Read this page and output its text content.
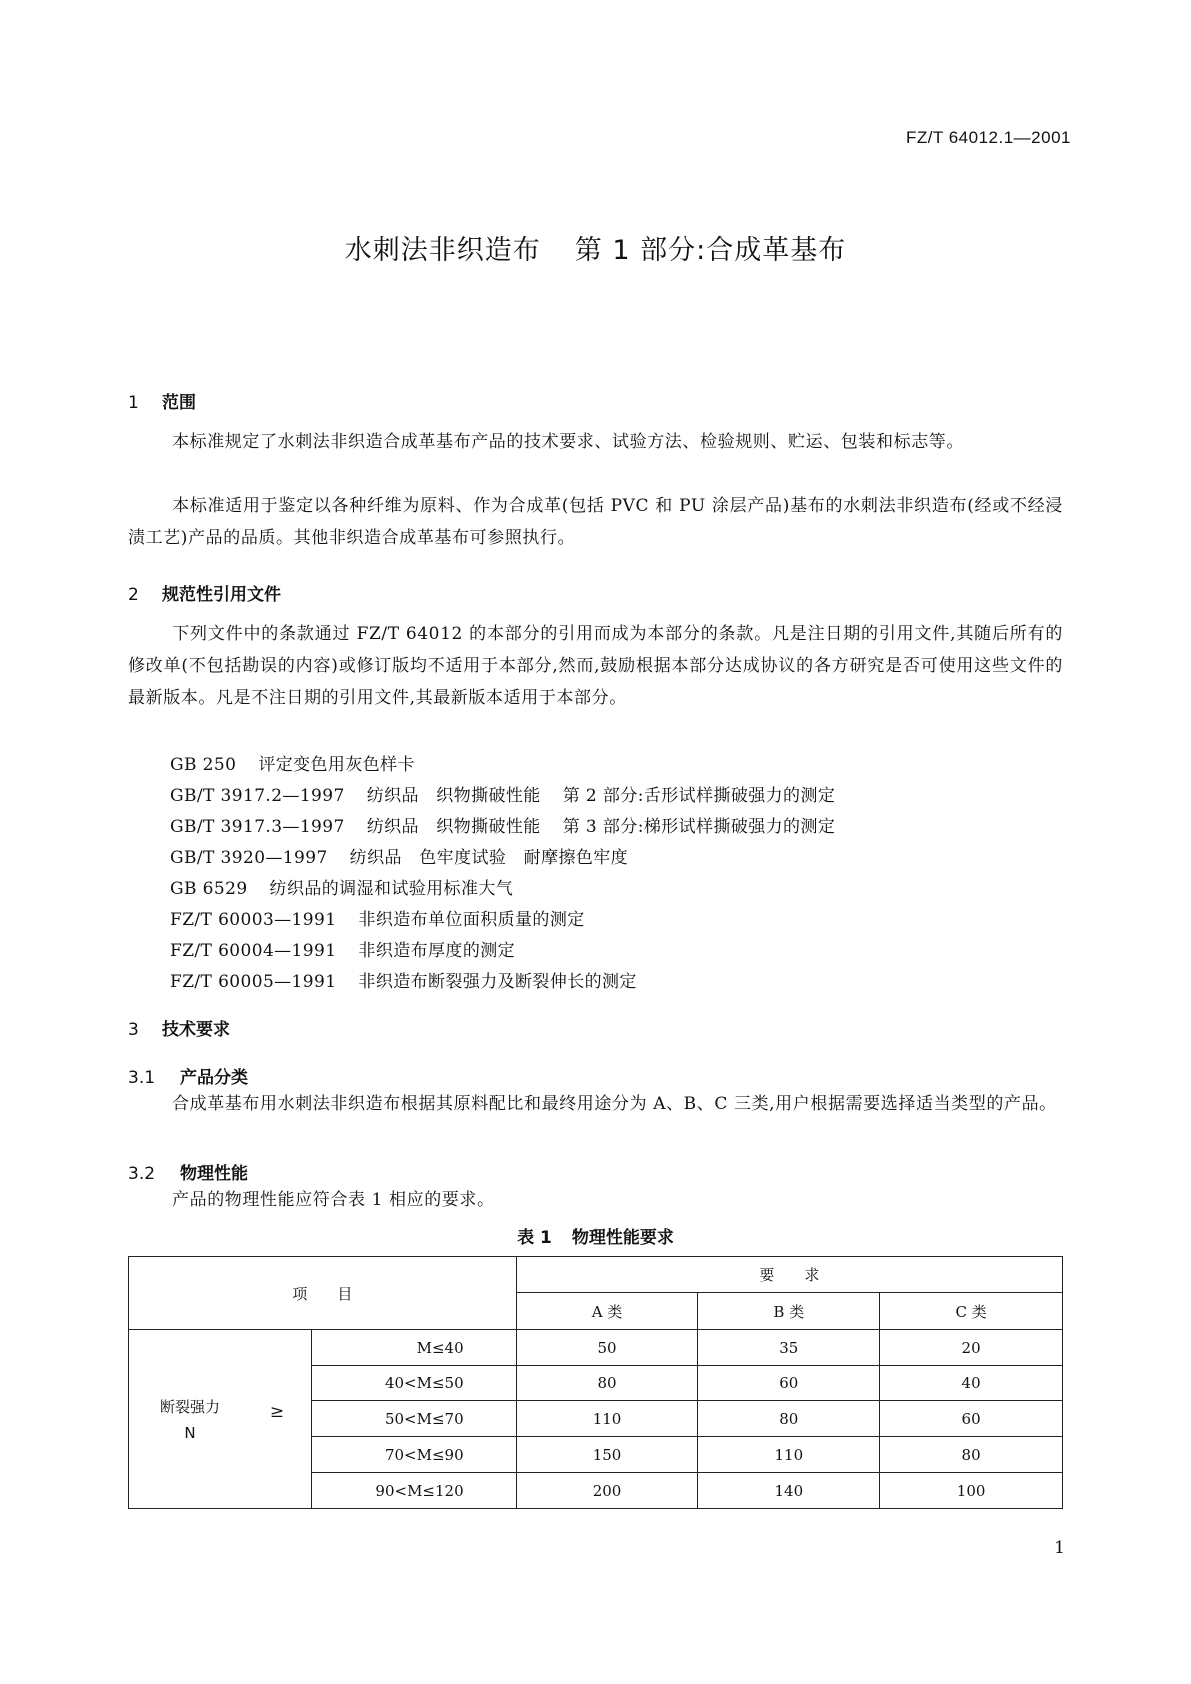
FZ/T 64012.1—2001
水刺法非织造布 第 1 部分:合成革基布
1 范围
本标准规定了水刺法非织造合成革基布产品的技术要求、试验方法、检验规则、贮运、包装和标志等。
本标准适用于鉴定以各种纤维为原料、作为合成革(包括 PVC 和 PU 涂层产品)基布的水刺法非织造布(经或不经浸渍工艺)产品的品质。其他非织造合成革基布可参照执行。
2 规范性引用文件
下列文件中的条款通过 FZ/T 64012 的本部分的引用而成为本部分的条款。凡是注日期的引用文件,其随后所有的修改单(不包括勘误的内容)或修订版均不适用于本部分,然而,鼓励根据本部分达成协议的各方研究是否可使用这些文件的最新版本。凡是不注日期的引用文件,其最新版本适用于本部分。
GB 250 评定变色用灰色样卡
GB/T 3917.2—1997 纺织品　织物撕破性能 第 2 部分:舌形试样撕破强力的测定
GB/T 3917.3—1997 纺织品　织物撕破性能 第 3 部分:梯形试样撕破强力的测定
GB/T 3920—1997 纺织品　色牢度试验　耐摩擦色牢度
GB 6529 纺织品的调湿和试验用标准大气
FZ/T 60003—1991 非织造布单位面积质量的测定
FZ/T 60004—1991 非织造布厚度的测定
FZ/T 60005—1991 非织造布断裂强力及断裂伸长的测定
3 技术要求
3.1 产品分类
合成革基布用水刺法非织造布根据其原料配比和最终用途分为 A、B、C 三类,用户根据需要选择适当类型的产品。
3.2 物理性能
产品的物理性能应符合表 1 相应的要求。
表 1 物理性能要求
项　　目		要　　求		
		A 类	B 类	C 类

断裂强力
N
≥	M≤40	50	35	20
	40<M≤50	80	60	40
	50<M≤70	110	80	60
	70<M≤90	150	110	80
	90<M≤120	200	140	100
1
